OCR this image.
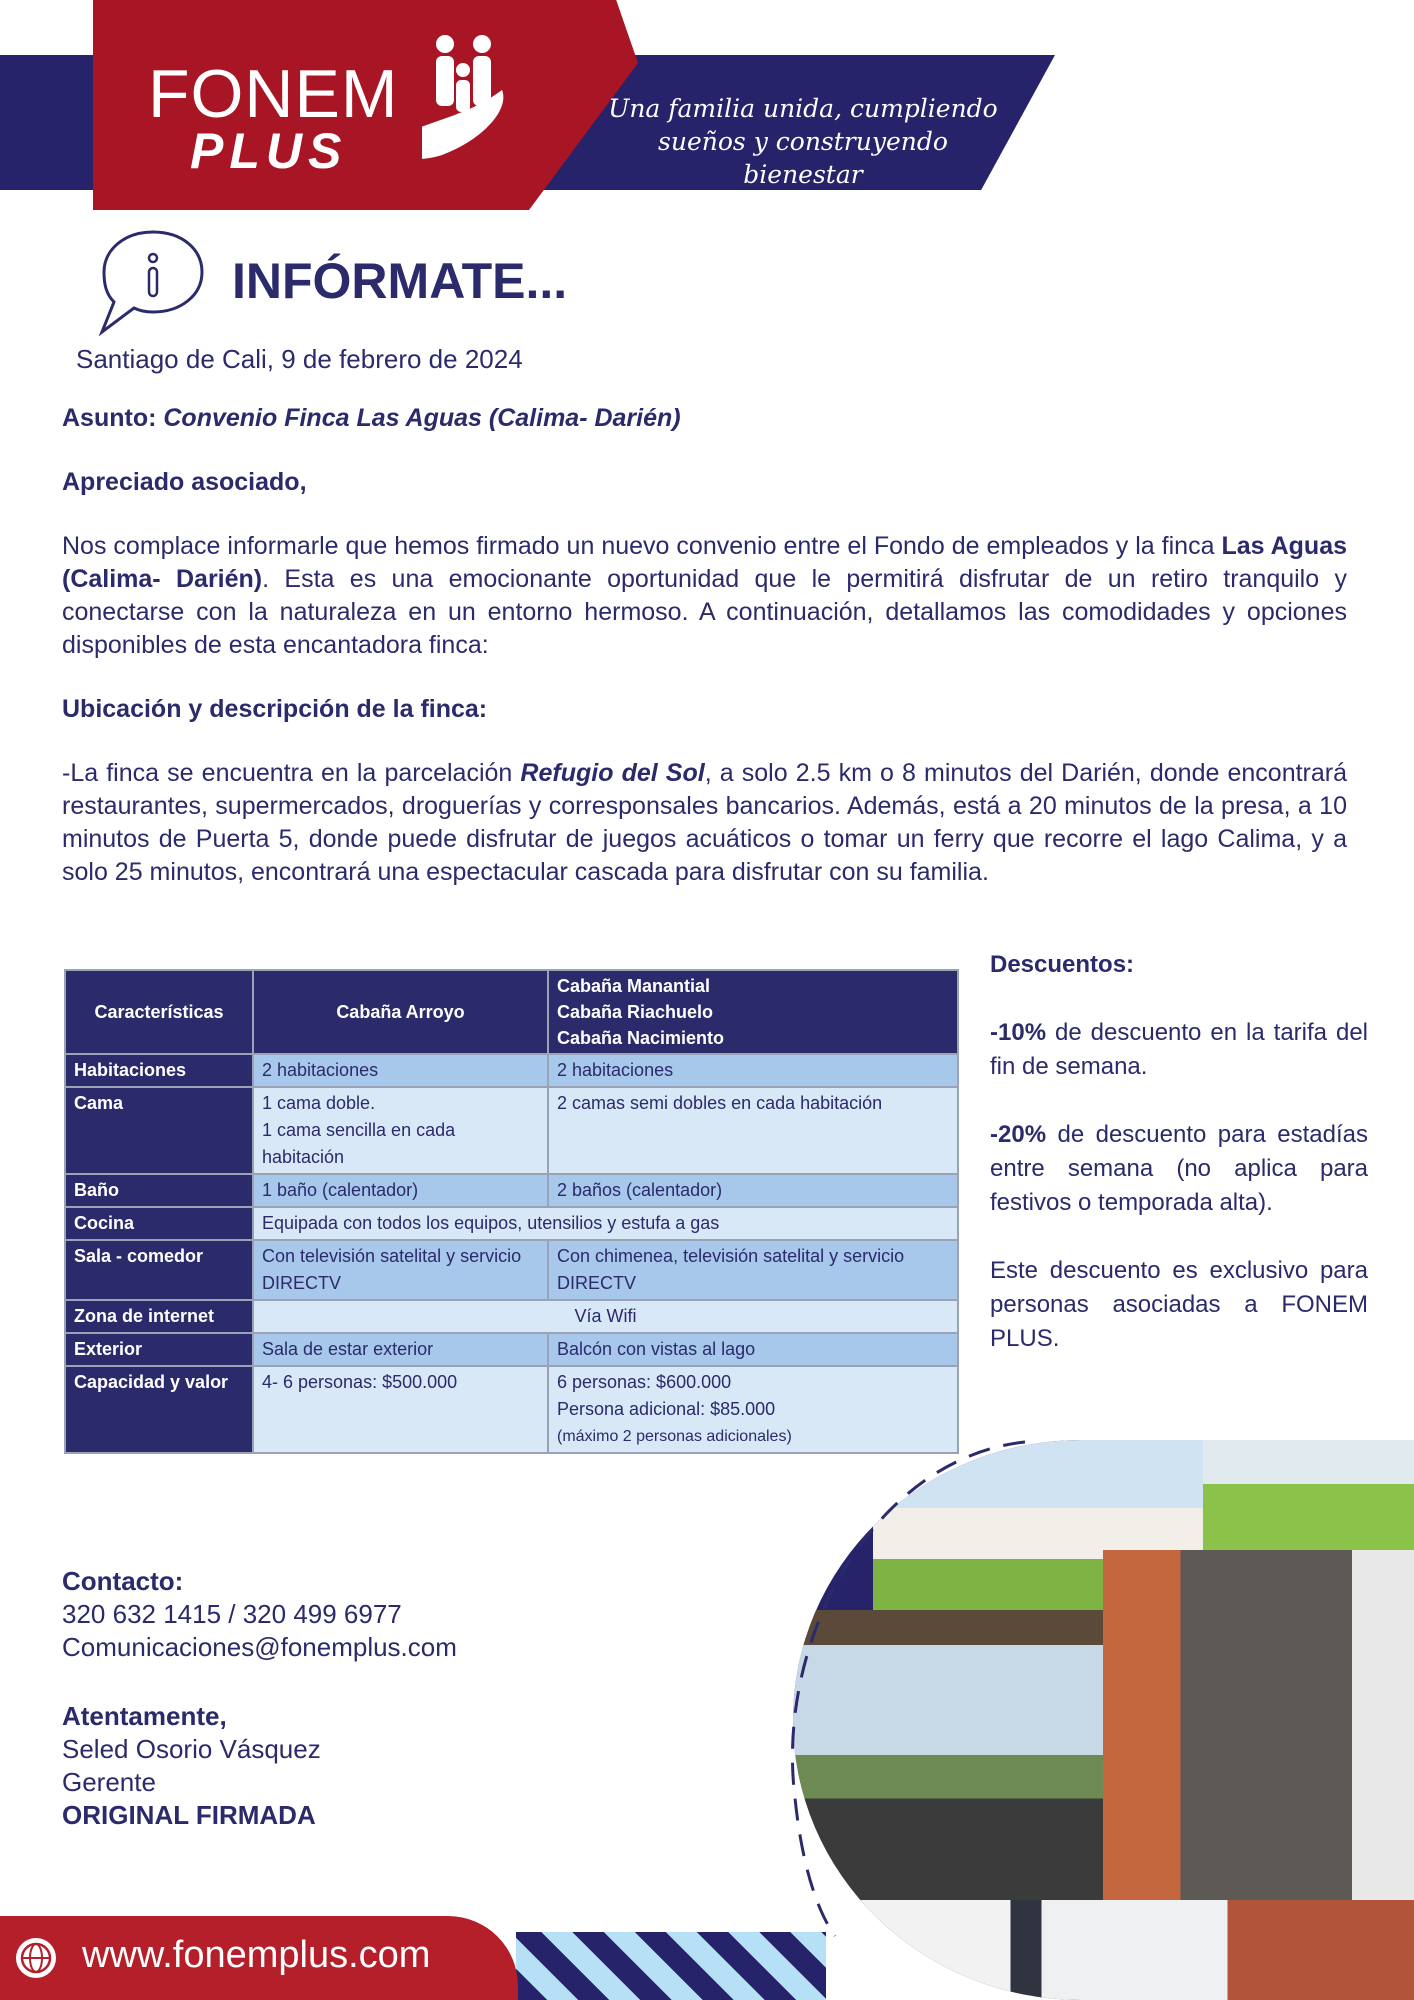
FONEM
PLUS
Una familia unida, cumpliendo sueños y construyendo bienestar
INFÓRMATE...
Santiago de Cali, 9 de febrero de 2024
Asunto: Convenio Finca Las Aguas (Calima- Darién)
Apreciado asociado,

Nos complace informarle que hemos firmado un nuevo convenio entre el Fondo de empleados y la finca Las Aguas (Calima- Darién). Esta es una emocionante oportunidad que le permitirá disfrutar de un retiro tranquilo y conectarse con la naturaleza en un entorno hermoso. A continuación, detallamos las comodidades y opciones disponibles de esta encantadora finca:

Ubicación y descripción de la finca:

-La finca se encuentra en la parcelación Refugio del Sol, a solo 2.5 km o 8 minutos del Darién, donde encontrará restaurantes, supermercados, droguerías y corresponsales bancarios. Además, está a 20 minutos de la presa, a 10 minutos de Puerta 5, donde puede disfrutar de juegos acuáticos o tomar un ferry que recorre el lago Calima, y a solo 25 minutos, encontrará una espectacular cascada para disfrutar con su familia.

Características	Cabaña Arroyo	Cabaña Manantial
Cabaña Riachuelo
Cabaña Nacimiento

Habitaciones	2 habitaciones	2 habitaciones
Cama	1 cama doble.
1 cama sencilla en cada habitación	2 camas semi dobles en cada habitación
Baño	1 baño (calentador)	2 baños (calentador)
Cocina	Equipada con todos los equipos, utensilios y estufa a gas	
Sala - comedor	Con televisión satelital y servicio DIRECTV	Con chimenea, televisión satelital y servicio DIRECTV
Zona de internet	Vía Wifi	
Exterior	Sala de estar exterior	Balcón con vistas al lago
Capacidad y valor	4- 6 personas: $500.000	6 personas: $600.000
Persona adicional: $85.000
(máximo 2 personas adicionales)
Descuentos:

-10% de descuento en la tarifa del fin de semana.

-20% de descuento para estadías entre semana (no aplica para festivos o temporada alta).

Este descuento es exclusivo para personas asociadas a FONEM PLUS.

Contacto:
320 632 1415 / 320 499 6977
Comunicaciones@fonemplus.com
Atentamente,
Seled Osorio Vásquez
Gerente
ORIGINAL FIRMADA
www.fonemplus.com
